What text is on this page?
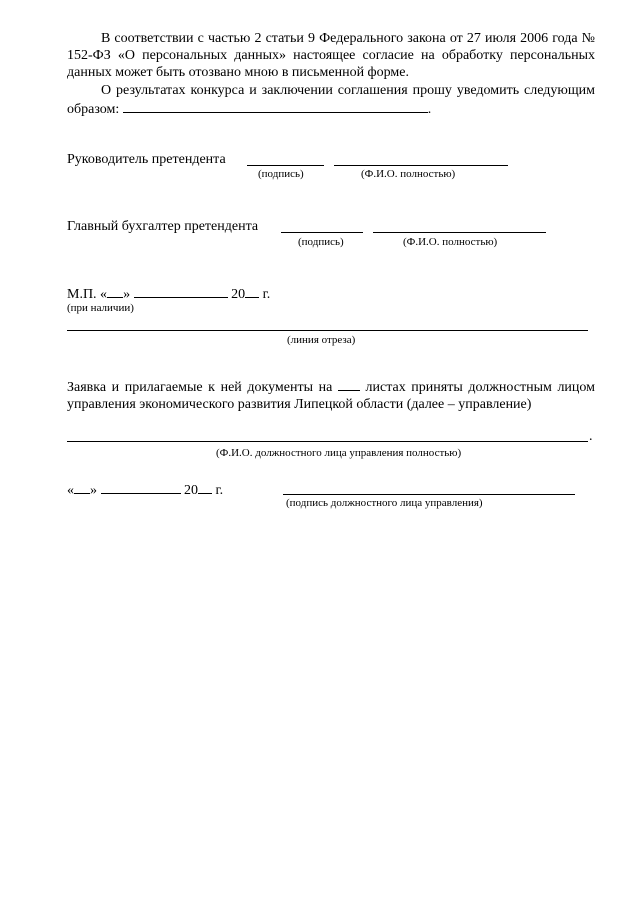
В соответствии с частью 2 статьи 9 Федерального закона от 27 июля 2006 года № 152-ФЗ «О персональных данных» настоящее согласие на обработку персональных данных может быть отозвано мною в письменной форме.

О результатах конкурса и заключении соглашения прошу уведомить следующим образом:	.

Руководитель претендента
(подпись)	(Ф.И.О. полностью)
Главный бухгалтер претендента
(подпись)	(Ф.И.О. полностью)
М.П. « »	20 г.
(при наличии)
(линия отреза)

Заявка и прилагаемые к ней документы на листах приняты должностным лицом управления экономического развития Липецкой области (далее – управление)

.
(Ф.И.О. должностного лица управления полностью)
« »	20 г.
(подпись должностного лица управления)
